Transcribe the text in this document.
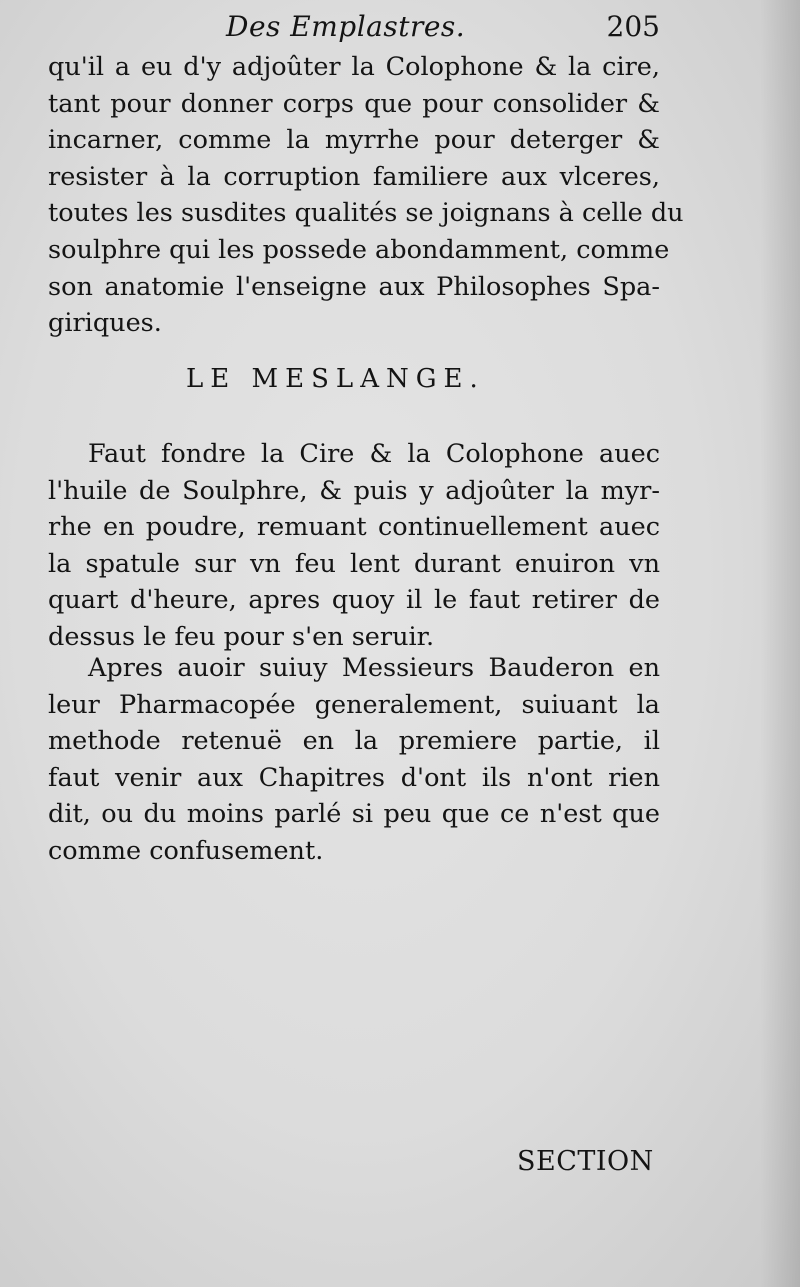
Des Emplastres.	205
qu'il a eu d'y adjoûter la Colophone & la cire,
tant pour donner corps que pour consolider &
incarner, comme la myrrhe pour deterger &
resister à la corruption familiere aux vlceres,
toutes les susdites qualités se joignans à celle du
soulphre qui les possede abondamment, comme
son anatomie l'enseigne aux Philosophes Spa-
giriques.
LE MESLANGE.
Faut fondre la Cire & la Colophone auec
l'huile de Soulphre, & puis y adjoûter la myr-
rhe en poudre, remuant continuellement auec
la spatule sur vn feu lent durant enuiron vn
quart d'heure, apres quoy il le faut retirer de
dessus le feu pour s'en seruir.
Apres auoir suiuy Messieurs Bauderon en
leur Pharmacopée generalement, suiuant la
methode retenuë en la premiere partie, il
faut venir aux Chapitres d'ont ils n'ont rien
dit, ou du moins parlé si peu que ce n'est que
comme confusement.
SECTION
